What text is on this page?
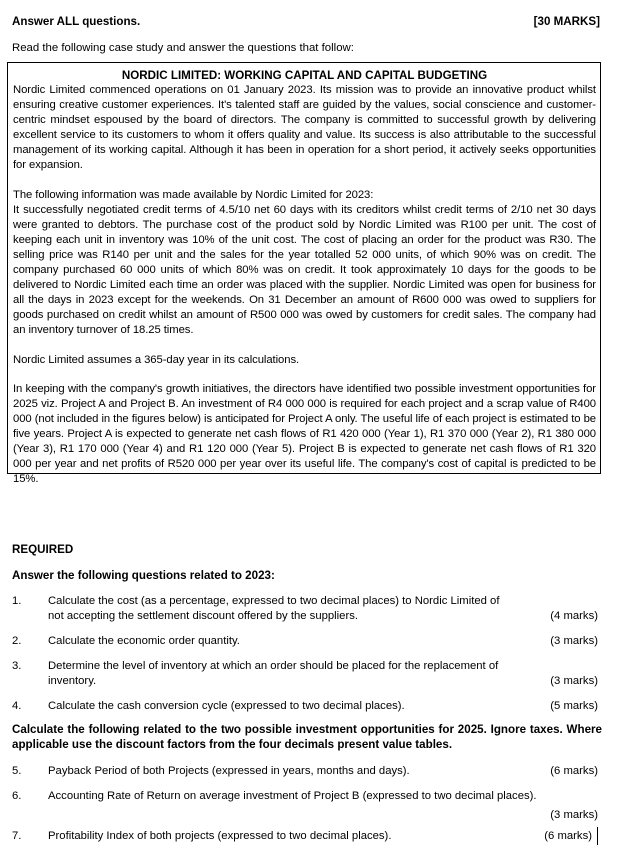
Answer ALL questions.	[30 MARKS]
Read the following case study and answer the questions that follow:
NORDIC LIMITED: WORKING CAPITAL AND CAPITAL BUDGETING

Nordic Limited commenced operations on 01 January 2023. Its mission was to provide an innovative product whilst ensuring creative customer experiences. It's talented staff are guided by the values, social conscience and customer-centric mindset espoused by the board of directors. The company is committed to successful growth by delivering excellent service to its customers to whom it offers quality and value. Its success is also attributable to the successful management of its working capital. Although it has been in operation for a short period, it actively seeks opportunities for expansion.

The following information was made available by Nordic Limited for 2023:

It successfully negotiated credit terms of 4.5/10 net 60 days with its creditors whilst credit terms of 2/10 net 30 days were granted to debtors. The purchase cost of the product sold by Nordic Limited was R100 per unit. The cost of keeping each unit in inventory was 10% of the unit cost. The cost of placing an order for the product was R30. The selling price was R140 per unit and the sales for the year totalled 52 000 units, of which 90% was on credit. The company purchased 60 000 units of which 80% was on credit. It took approximately 10 days for the goods to be delivered to Nordic Limited each time an order was placed with the supplier. Nordic Limited was open for business for all the days in 2023 except for the weekends. On 31 December an amount of R600 000 was owed to suppliers for goods purchased on credit whilst an amount of R500 000 was owed by customers for credit sales. The company had an inventory turnover of 18.25 times.

Nordic Limited assumes a 365-day year in its calculations.

In keeping with the company's growth initiatives, the directors have identified two possible investment opportunities for 2025 viz. Project A and Project B. An investment of R4 000 000 is required for each project and a scrap value of R400 000 (not included in the figures below) is anticipated for Project A only. The useful life of each project is estimated to be five years. Project A is expected to generate net cash flows of R1 420 000 (Year 1), R1 370 000 (Year 2), R1 380 000 (Year 3), R1 170 000 (Year 4) and R1 120 000 (Year 5). Project B is expected to generate net cash flows of R1 320 000 per year and net profits of R520 000 per year over its useful life. The company's cost of capital is predicted to be 15%.

REQUIRED
Answer the following questions related to 2023:
1.	Calculate the cost (as a percentage, expressed to two decimal places) to Nordic Limited of not accepting the settlement discount offered by the suppliers.	(4 marks)
2.	Calculate the economic order quantity.	(3 marks)
3.	Determine the level of inventory at which an order should be placed for the replacement of inventory.	(3 marks)
4.	Calculate the cash conversion cycle (expressed to two decimal places).	(5 marks)
Calculate the following related to the two possible investment opportunities for 2025. Ignore taxes. Where applicable use the discount factors from the four decimals present value tables.
5.	Payback Period of both Projects (expressed in years, months and days).	(6 marks)
6.	Accounting Rate of Return on average investment of Project B (expressed to two decimal places).
(3 marks)
7.	Profitability Index of both projects (expressed to two decimal places).	(6 marks)
